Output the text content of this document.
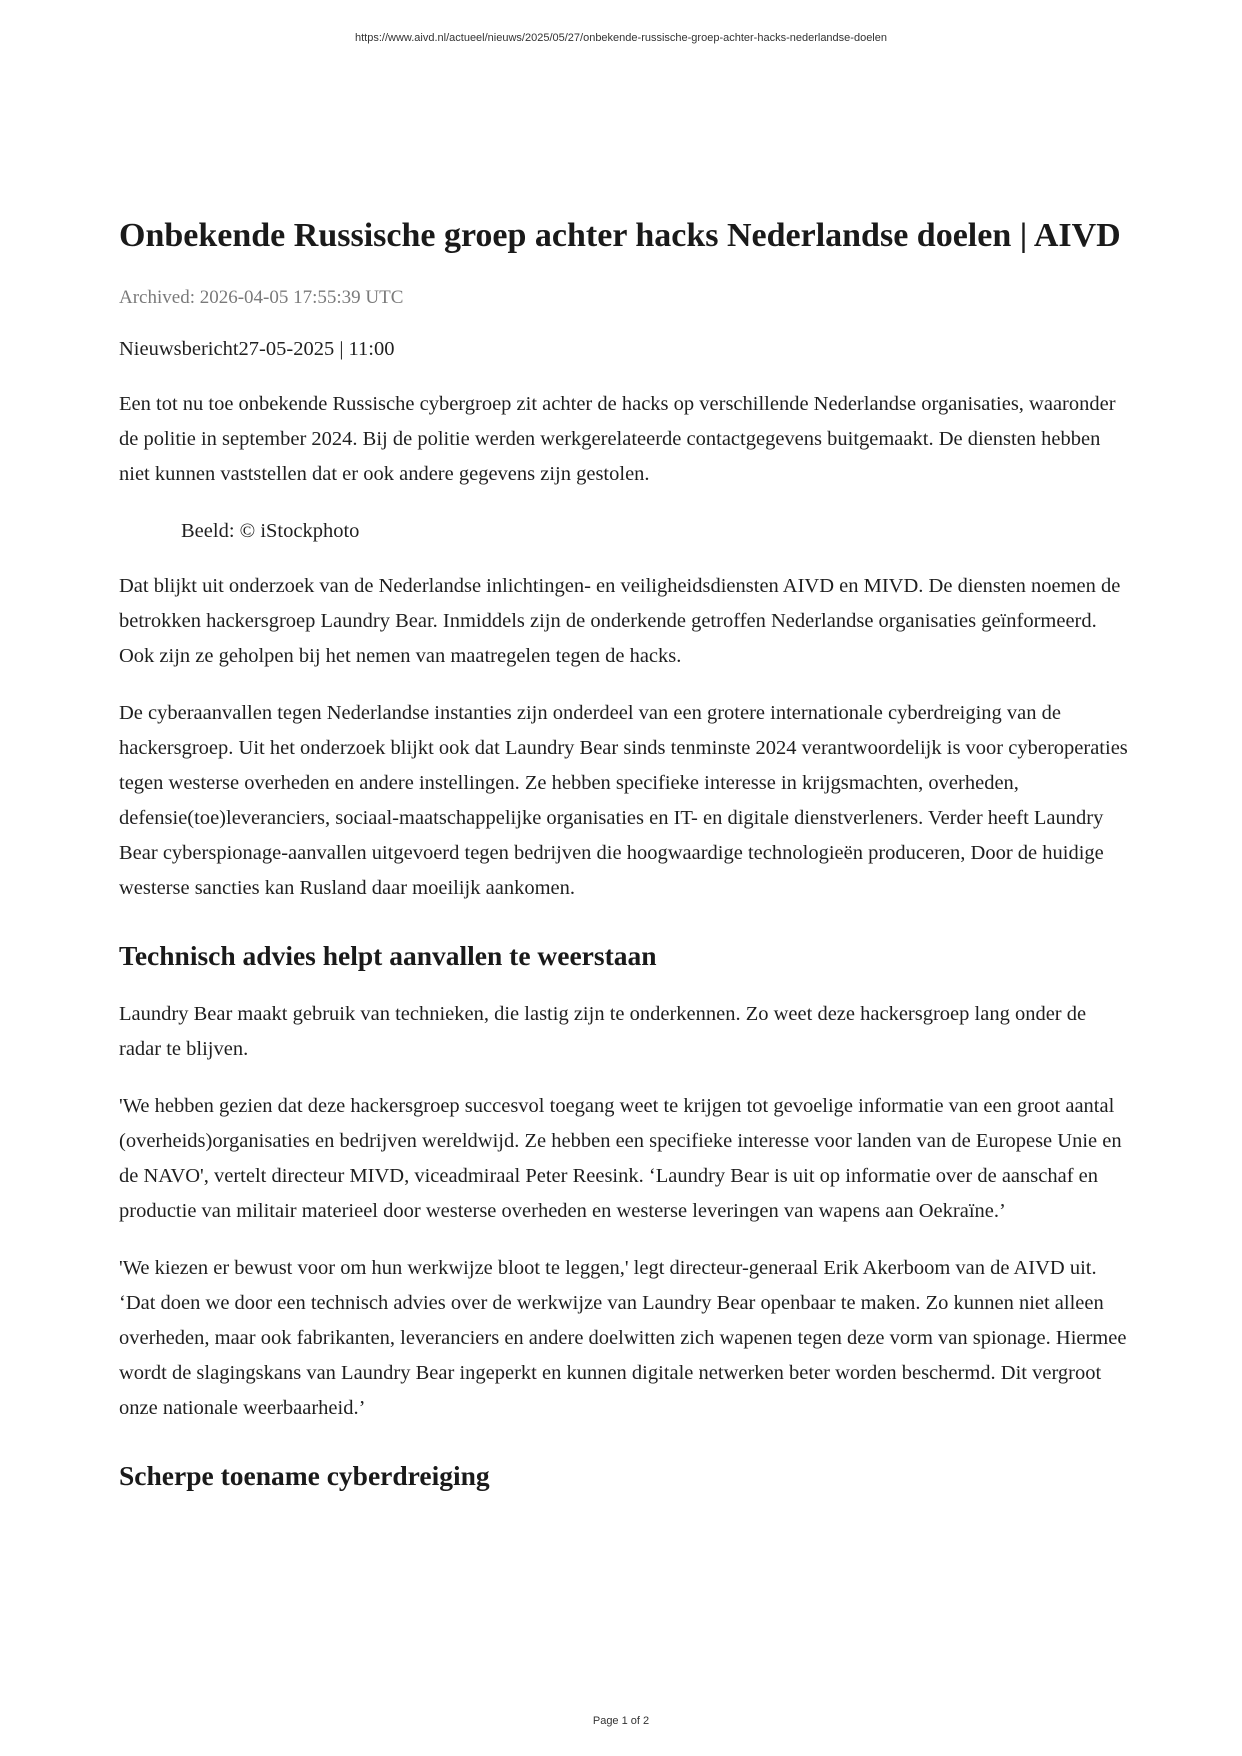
https://www.aivd.nl/actueel/nieuws/2025/05/27/onbekende-russische-groep-achter-hacks-nederlandse-doelen
Onbekende Russische groep achter hacks Nederlandse doelen | AIVD
Archived: 2026-04-05 17:55:39 UTC

Nieuwsbericht27-05-2025 | 11:00

Een tot nu toe onbekende Russische cybergroep zit achter de hacks op verschillende Nederlandse organisaties, waaronder de politie in september 2024. Bij de politie werden werkgerelateerde contactgegevens buitgemaakt. De diensten hebben niet kunnen vaststellen dat er ook andere gegevens zijn gestolen.

Beeld: © iStockphoto

Dat blijkt uit onderzoek van de Nederlandse inlichtingen- en veiligheidsdiensten AIVD en MIVD. De diensten noemen de betrokken hackersgroep Laundry Bear. Inmiddels zijn de onderkende getroffen Nederlandse organisaties geïnformeerd. Ook zijn ze geholpen bij het nemen van maatregelen tegen de hacks.

De cyberaanvallen tegen Nederlandse instanties zijn onderdeel van een grotere internationale cyberdreiging van de hackersgroep. Uit het onderzoek blijkt ook dat Laundry Bear sinds tenminste 2024 verantwoordelijk is voor cyberoperaties tegen westerse overheden en andere instellingen. Ze hebben specifieke interesse in krijgsmachten, overheden, defensie(toe)leveranciers, sociaal-maatschappelijke organisaties en IT- en digitale dienstverleners. Verder heeft Laundry Bear cyberspionage-aanvallen uitgevoerd tegen bedrijven die hoogwaardige technologieën produceren, Door de huidige westerse sancties kan Rusland daar moeilijk aankomen.

Technisch advies helpt aanvallen te weerstaan

Laundry Bear maakt gebruik van technieken, die lastig zijn te onderkennen. Zo weet deze hackersgroep lang onder de radar te blijven.

'We hebben gezien dat deze hackersgroep succesvol toegang weet te krijgen tot gevoelige informatie van een groot aantal (overheids)organisaties en bedrijven wereldwijd. Ze hebben een specifieke interesse voor landen van de Europese Unie en de NAVO', vertelt directeur MIVD, viceadmiraal Peter Reesink. ‘Laundry Bear is uit op informatie over de aanschaf en productie van militair materieel door westerse overheden en westerse leveringen van wapens aan Oekraïne.’

'We kiezen er bewust voor om hun werkwijze bloot te leggen,' legt directeur-generaal Erik Akerboom van de AIVD uit. ‘Dat doen we door een technisch advies over de werkwijze van Laundry Bear openbaar te maken. Zo kunnen niet alleen overheden, maar ook fabrikanten, leveranciers en andere doelwitten zich wapenen tegen deze vorm van spionage. Hiermee wordt de slagingskans van Laundry Bear ingeperkt en kunnen digitale netwerken beter worden beschermd. Dit vergroot onze nationale weerbaarheid.’

Scherpe toename cyberdreiging
Page 1 of 2
